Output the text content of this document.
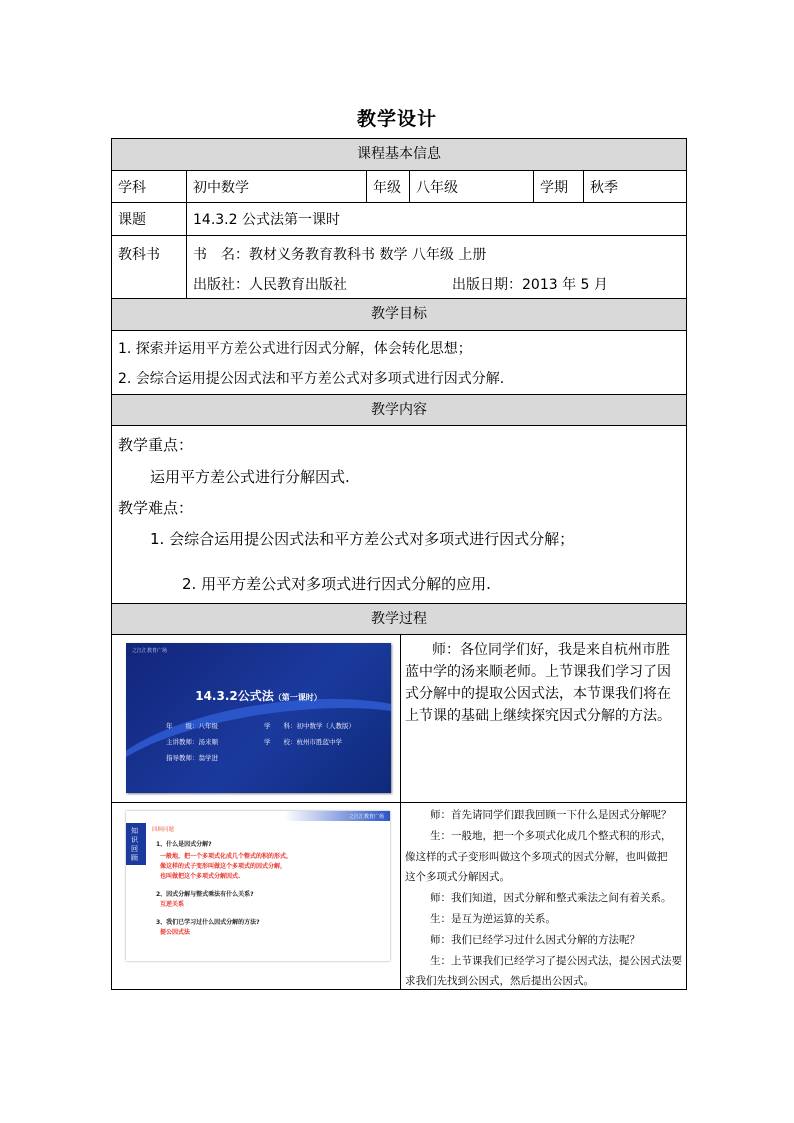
教学设计
课程基本信息
学科	初中数学	年级	八年级	学期	秋季
课题	14.3.2 公式法第一课时
教科书	书　名：教材义务教育教科书 数学 八年级 上册
出版社：人民教育出版社	出版日期：2013 年 5 月
教学目标
1. 探索并运用平方差公式进行因式分解，体会转化思想；
2. 会综合运用提公因式法和平方差公式对多项式进行因式分解.
教学内容
教学重点：
运用平方差公式进行分解因式.
教学难点：
1. 会综合运用提公因式法和平方差公式对多项式进行因式分解；
2. 用平方差公式对多项式进行因式分解的应用.
教学过程
之江汇教育广场
14.3.2公式法（第一课时）
年　　级：八年级	学　　科：初中数学（人教版）
主讲教师：汤来顺	学　　校：杭州市胜蓝中学
指导教师：翁学进
师：各位同学们好，我是来自杭州市胜
蓝中学的汤来顺老师。上节课我们学习了因
式分解中的提取公因式法，本节课我们将在
上节课的基础上继续探究因式分解的方法。
之江汇教育广场
知识回顾
回顾问题
1、什么是因式分解?
一般地，把一个多项式化成几个整式的积的形式，
像这样的式子变形叫做这个多项式的因式分解，
也叫做把这个多项式分解因式.
2、因式分解与整式乘法有什么关系?
互逆关系
3、我们已学习过什么因式分解的方法?
提公因式法
师：首先请同学们跟我回顾一下什么是因式分解呢？
生：一般地，把一个多项式化成几个整式积的形式，
像这样的式子变形叫做这个多项式的因式分解，也叫做把
这个多项式分解因式。
师：我们知道，因式分解和整式乘法之间有着关系。
生：是互为逆运算的关系。
师：我们已经学习过什么因式分解的方法呢？
生：上节课我们已经学习了提公因式法，提公因式法要
求我们先找到公因式，然后提出公因式。
